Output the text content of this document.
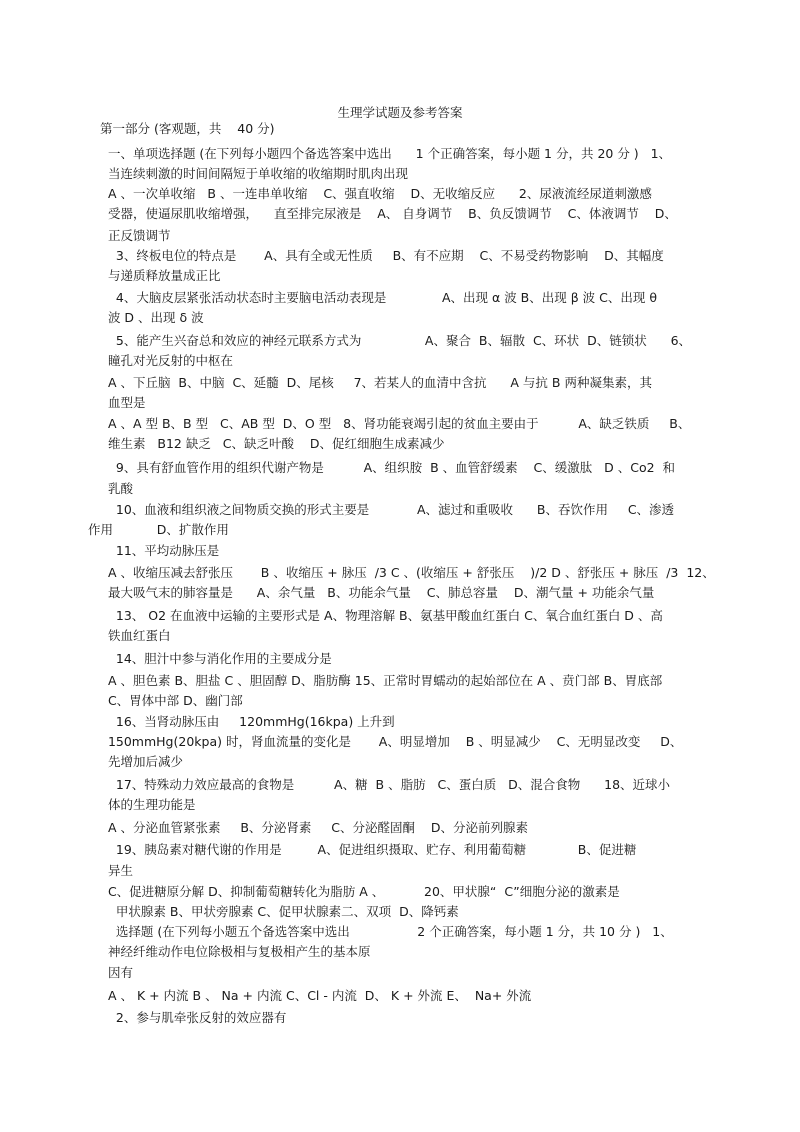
生理学试题及参考答案
第一部分 (客观题，共    40 分)
一、单项选择题 (在下列每小题四个备选答案中选出      1 个正确答案，每小题 1 分，共 20 分 )   1、
当连续刺激的时间间隔短于单收缩的收缩期时肌肉出现
A 、一次单收缩   B 、一连串单收缩    C、强直收缩    D、无收缩反应      2、尿液流经尿道刺激感
受器，使逼尿肌收缩增强，    直至排完尿液是    A、 自身调节    B、负反馈调节    C、体液调节    D、
正反馈调节
3、终板电位的特点是       A、具有全或无性质     B、有不应期    C、不易受药物影响    D、其幅度
与递质释放量成正比
4、大脑皮层紧张活动状态时主要脑电活动表现是              A、出现 α 波 B、出现 β 波 C、出现 θ
波 D 、出现 δ 波
5、能产生兴奋总和效应的神经元联系方式为                A、聚合  B、辐散  C、环状  D、链锁状      6、
瞳孔对光反射的中枢在
A 、下丘脑  B、中脑  C、延髓  D、尾核     7、若某人的血清中含抗      A 与抗 B 两种凝集素，其
血型是
A 、A 型 B、B 型   C、AB 型  D、O 型   8、肾功能衰竭引起的贫血主要由于          A、缺乏铁质     B、
维生素   B12 缺乏   C、缺乏叶酸    D、促红细胞生成素减少
9、具有舒血管作用的组织代谢产物是          A、组织胺  B 、血管舒缓素    C、缓激肽   D 、Co2  和
乳酸
10、血液和组织液之间物质交换的形式主要是            A、滤过和重吸收      B、吞饮作用     C、渗透
作用           D、扩散作用
11、平均动脉压是
A 、收缩压减去舒张压       B 、收缩压 + 脉压  /3 C 、(收缩压 + 舒张压    )/2 D 、舒张压 + 脉压  /3  12、
最大吸气末的肺容量是      A、余气量   B、功能余气量    C、肺总容量    D、潮气量 + 功能余气量
13、 O2 在血液中运输的主要形式是 A、物理溶解 B、氨基甲酸血红蛋白 C、氧合血红蛋白 D 、高
铁血红蛋白
14、胆汁中参与消化作用的主要成分是
A 、胆色素 B、胆盐 C 、胆固醇 D、脂肪酶 15、正常时胃蠕动的起始部位在 A 、贲门部 B、胃底部
C、胃体中部 D、幽门部
16、当肾动脉压由     120mmHg(16kpa) 上升到
150mmHg(20kpa) 时，肾血流量的变化是       A、明显增加    B 、明显减少    C、无明显改变     D、
先增加后减少
17、特殊动力效应最高的食物是          A、糖  B 、脂肪   C、蛋白质   D、混合食物      18、近球小
体的生理功能是
A 、分泌血管紧张素     B、分泌肾素     C、分泌醛固酮    D、分泌前列腺素
19、胰岛素对糖代谢的作用是         A、促进组织摄取、贮存、利用葡萄糖             B、促进糖
异生
C、促进糖原分解 D、抑制葡萄糖转化为脂肪 A 、          20、甲状腺“  C”细胞分泌的激素是
甲状腺素 B、甲状旁腺素 C、促甲状腺素二、双项  D、降钙素
选择题 (在下列每小题五个备选答案中选出                 2 个正确答案，每小题 1 分，共 10 分 )   1、
神经纤维动作电位除极相与复极相产生的基本原
因有
A 、 K + 内流 B 、 Na + 内流 C、Cl - 内流  D、 K + 外流 E、  Na+ 外流
2、参与肌牵张反射的效应器有
